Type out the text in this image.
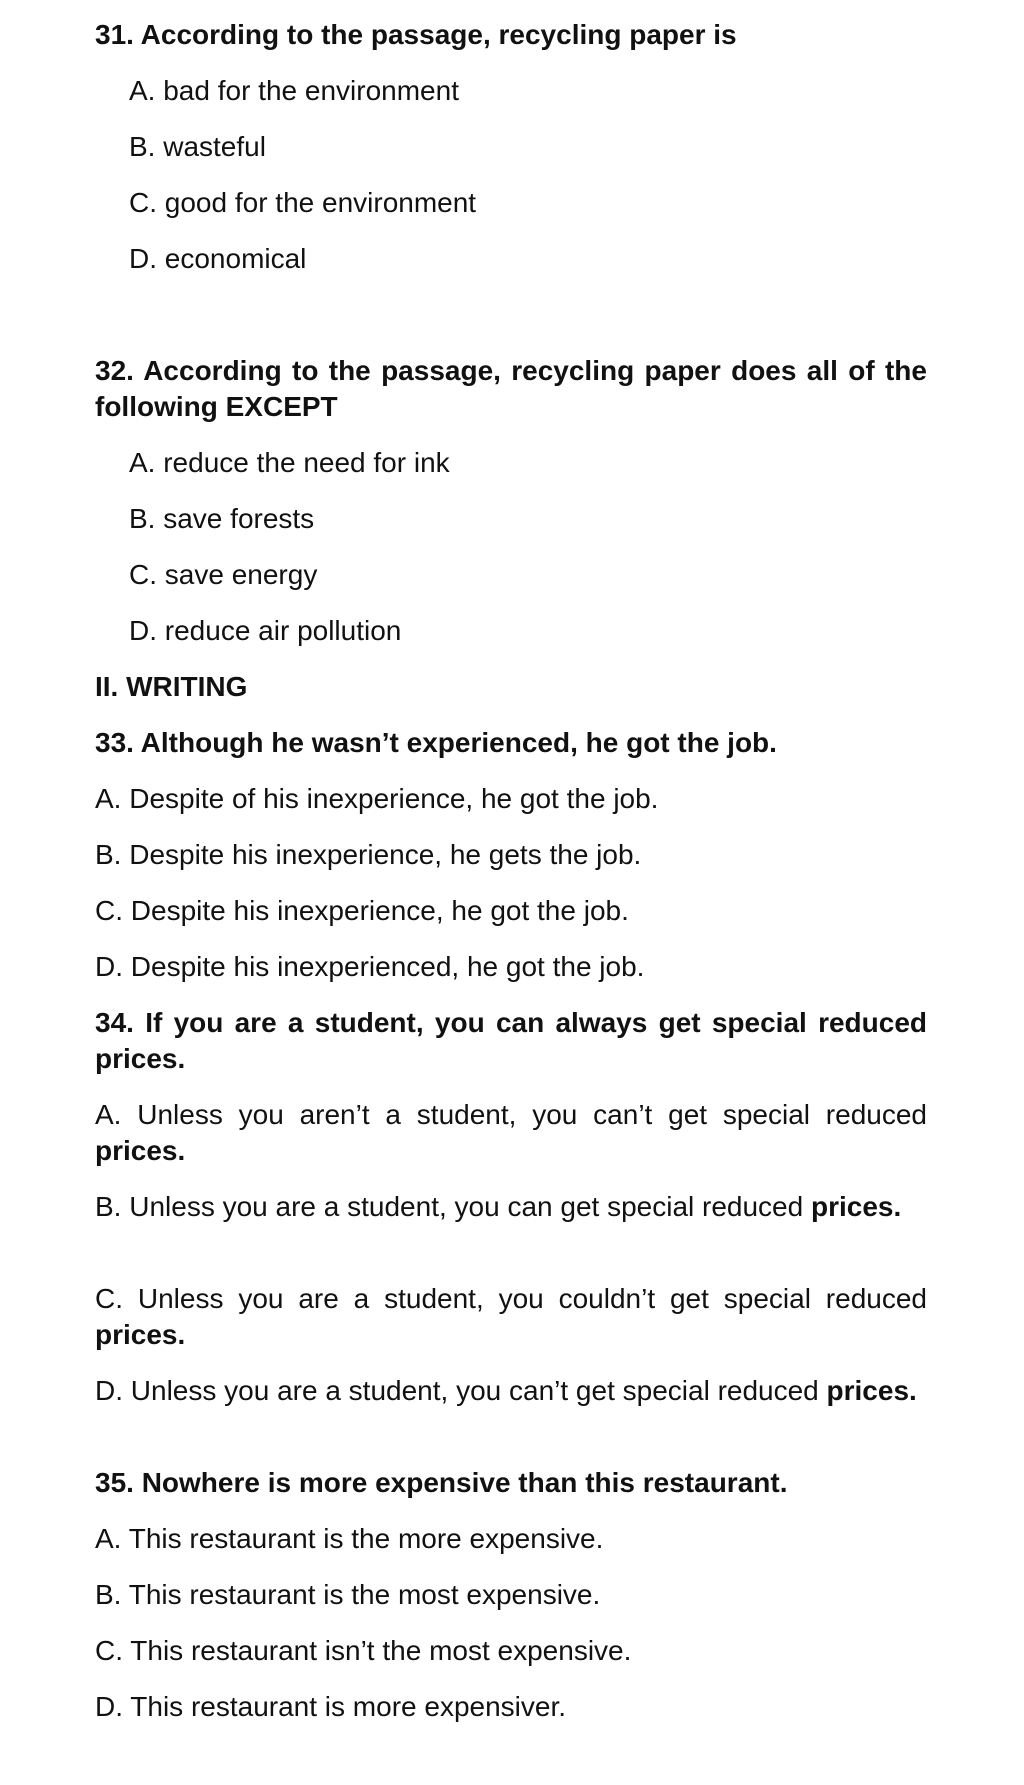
31. According to the passage, recycling paper is
A. bad for the environment
B. wasteful
C. good for the environment
D. economical
32. According to the passage, recycling paper does all of the following EXCEPT
A. reduce the need for ink
B. save forests
C. save energy
D. reduce air pollution
II. WRITING
33. Although he wasn’t experienced, he got the job.
A. Despite of his inexperience, he got the job.
B. Despite his inexperience, he gets the job.
C. Despite his inexperience, he got the job.
D. Despite his inexperienced, he got the job.
34. If you are a student, you can always get special reduced prices.
A. Unless you aren’t a student, you can’t get special reduced prices.
B. Unless you are a student, you can get special reduced prices.
C. Unless you are a student, you couldn’t get special reduced prices.
D. Unless you are a student, you can’t get special reduced prices.
35. Nowhere is more expensive than this restaurant.
A. This restaurant is the more expensive.
B. This restaurant is the most expensive.
C. This restaurant isn’t the most expensive.
D. This restaurant is more expensiver.
